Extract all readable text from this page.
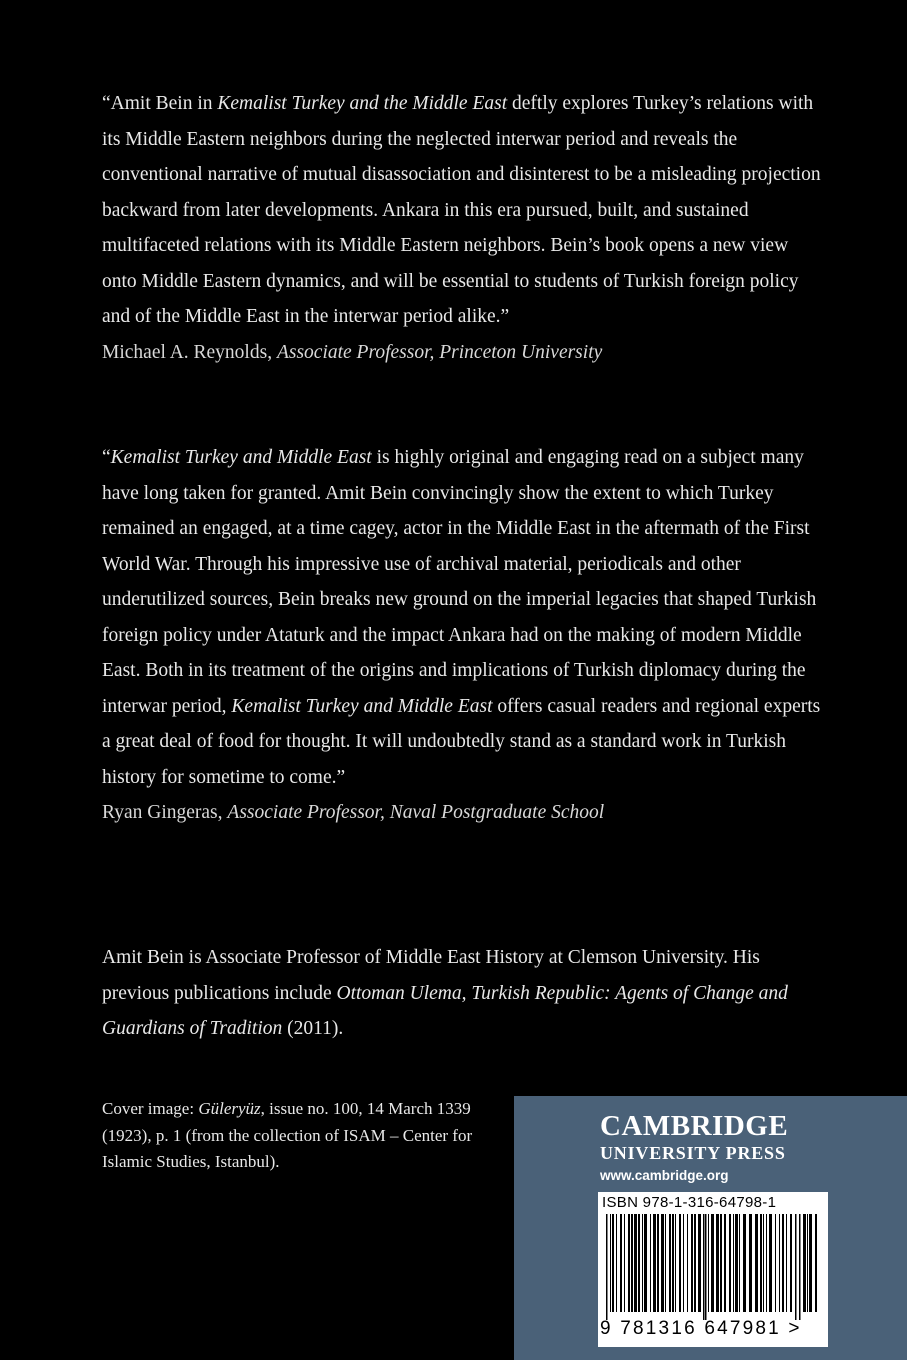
“Amit Bein in Kemalist Turkey and the Middle East deftly explores Turkey’s relations with its Middle Eastern neighbors during the neglected interwar period and reveals the conventional narrative of mutual disassociation and disinterest to be a misleading projection backward from later developments. Ankara in this era pursued, built, and sustained multifaceted relations with its Middle Eastern neighbors. Bein’s book opens a new view onto Middle Eastern dynamics, and will be essential to students of Turkish foreign policy and of the Middle East in the interwar period alike.”

Michael A. Reynolds, Associate Professor, Princeton University

“Kemalist Turkey and Middle East is highly original and engaging read on a subject many have long taken for granted. Amit Bein convincingly show the extent to which Turkey remained an engaged, at a time cagey, actor in the Middle East in the aftermath of the First World War. Through his impressive use of archival material, periodicals and other underutilized sources, Bein breaks new ground on the imperial legacies that shaped Turkish foreign policy under Ataturk and the impact Ankara had on the making of modern Middle East. Both in its treatment of the origins and implications of Turkish diplomacy during the interwar period, Kemalist Turkey and Middle East offers casual readers and regional experts a great deal of food for thought. It will undoubtedly stand as a standard work in Turkish history for sometime to come.”

Ryan Gingeras, Associate Professor, Naval Postgraduate School

Amit Bein is Associate Professor of Middle East History at Clemson University. His previous publications include Ottoman Ulema, Turkish Republic: Agents of Change and Guardians of Tradition (2011).

Cover image: Güleryüz, issue no. 100, 14 March 1339 (1923), p. 1 (from the collection of ISAM – Center for Islamic Studies, Istanbul).
CAMBRIDGE
UNIVERSITY PRESS
www.cambridge.org
ISBN 978-1-316-64798-1
9 781316 647981 >
